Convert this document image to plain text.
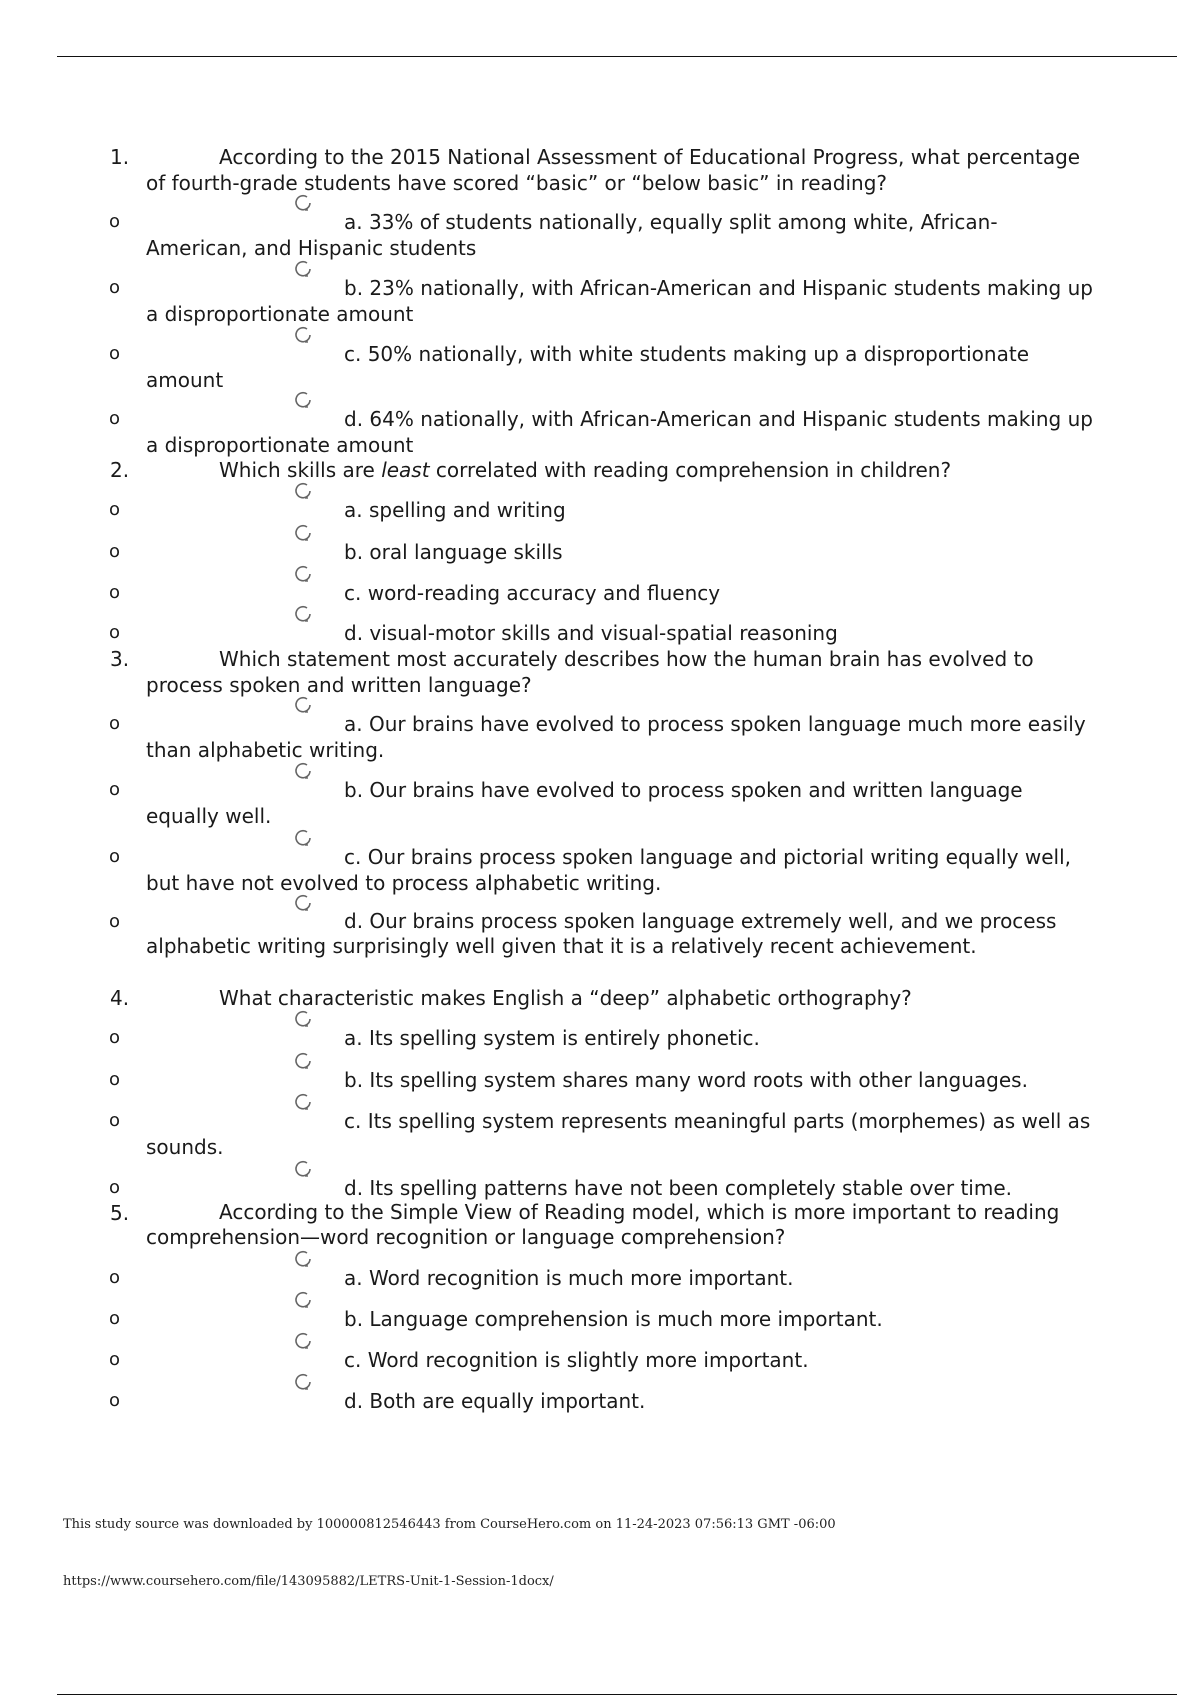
1.	According to the 2015 National Assessment of Educational Progress, what percentage of fourth-grade students have scored “basic” or “below basic” in reading?
o	a. 33% of students nationally, equally split among white, African-American, and Hispanic students
o	b. 23% nationally, with African-American and Hispanic students making up a disproportionate amount
o	c. 50% nationally, with white students making up a disproportionate amount
o	d. 64% nationally, with African-American and Hispanic students making up a disproportionate amount
2.	Which skills are least correlated with reading comprehension in children?
o	a. spelling and writing
o	b. oral language skills
o	c. word-reading accuracy and fluency
o	d. visual-motor skills and visual-spatial reasoning
3.	Which statement most accurately describes how the human brain has evolved to process spoken and written language?
o	a. Our brains have evolved to process spoken language much more easily than alphabetic writing.
o	b. Our brains have evolved to process spoken and written language equally well.
o	c. Our brains process spoken language and pictorial writing equally well, but have not evolved to process alphabetic writing.
o	d. Our brains process spoken language extremely well, and we process alphabetic writing surprisingly well given that it is a relatively recent achievement.
4.	What characteristic makes English a “deep” alphabetic orthography?
o	a. Its spelling system is entirely phonetic.
o	b. Its spelling system shares many word roots with other languages.
o	c. Its spelling system represents meaningful parts (morphemes) as well as sounds.
o	d. Its spelling patterns have not been completely stable over time.
5.	According to the Simple View of Reading model, which is more important to reading comprehension—word recognition or language comprehension?
o	a. Word recognition is much more important.
o	b. Language comprehension is much more important.
o	c. Word recognition is slightly more important.
o	d. Both are equally important.
This study source was downloaded by 100000812546443 from CourseHero.com on 11-24-2023 07:56:13 GMT -06:00
https://www.coursehero.com/file/143095882/LETRS-Unit-1-Session-1docx/
